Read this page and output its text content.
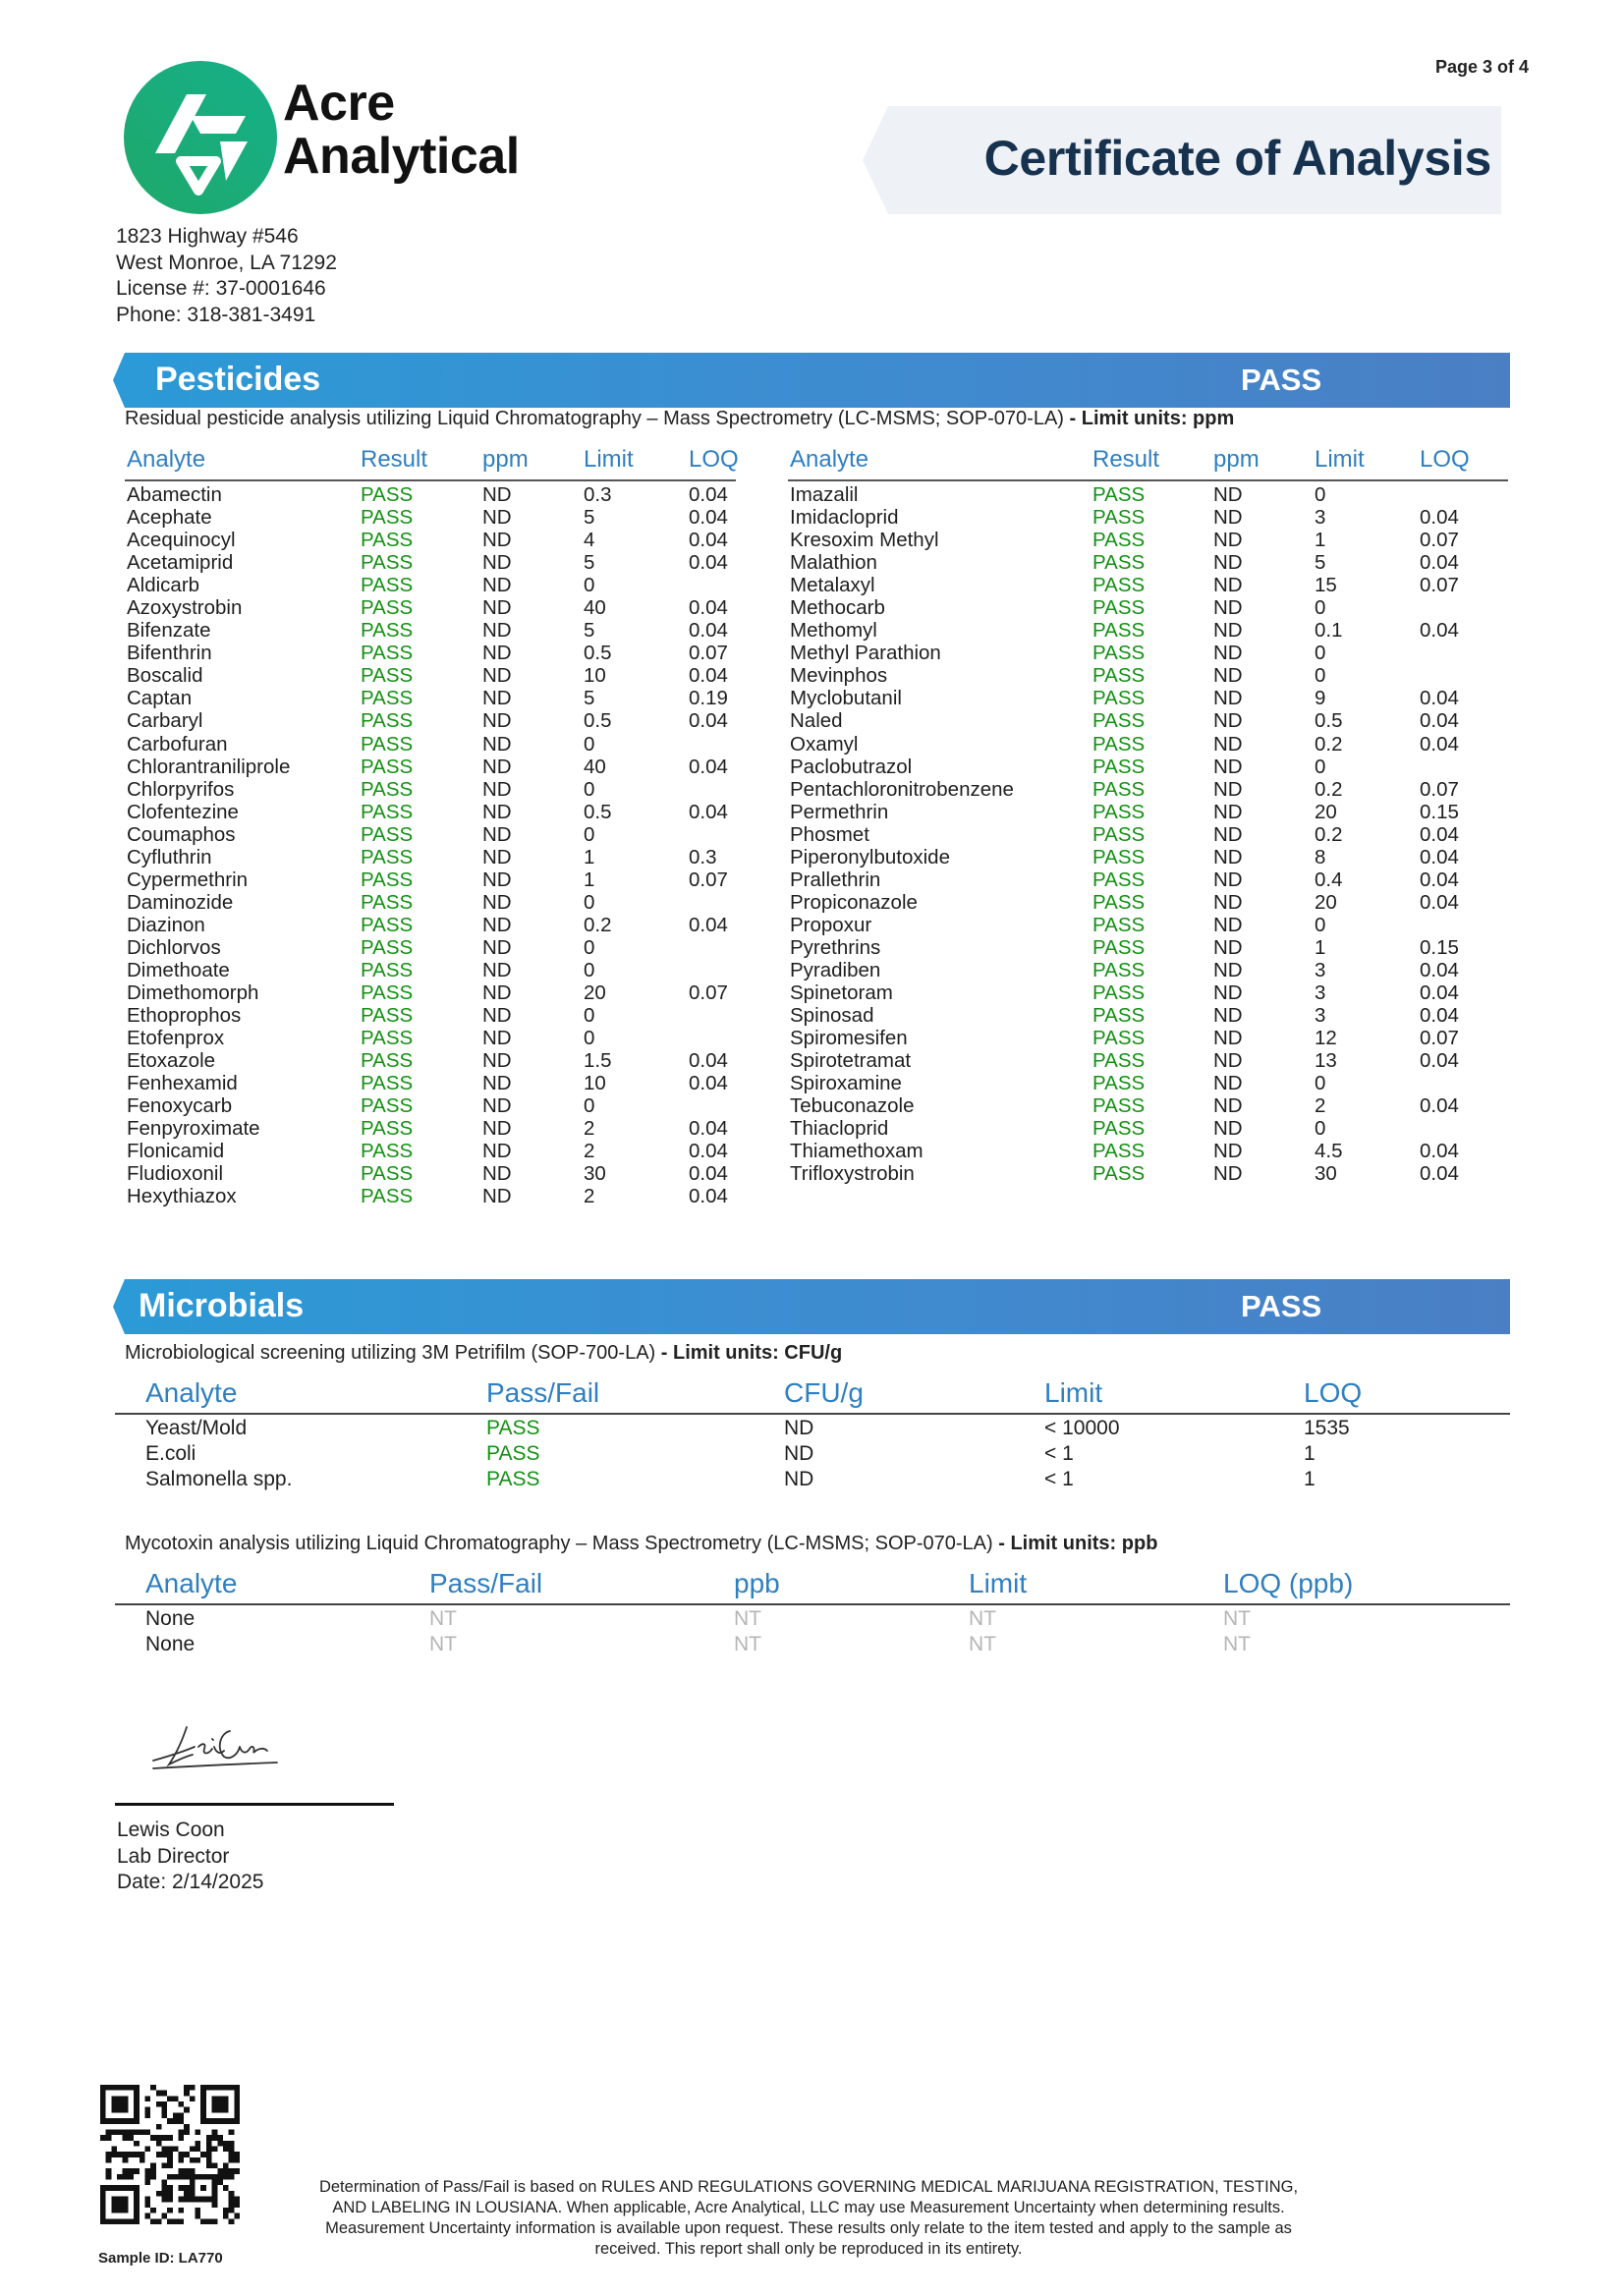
Page 3 of 4
Acre
Analytical	Certificate of Analysis
1823 Highway #546
West Monroe, LA 71292
License #: 37-0001646
Phone: 318-381-3491
Pesticides	PASS
Residual pesticide analysis utilizing Liquid Chromatography – Mass Spectrometry (LC-MSMS; SOP-070-LA) - Limit units: ppm
Analyte	Result ppm Limit LOQ
Abamectin	PASS	ND	0.3	0.04
Acephate	PASS	ND	5	0.04
Acequinocyl	PASS	ND	4	0.04
Acetamiprid	PASS	ND	5	0.04
Aldicarb	PASS	ND	0
Azoxystrobin	PASS	ND	40	0.04
Bifenzate	PASS	ND	5	0.04
Bifenthrin	PASS	ND	0.5	0.07
Boscalid	PASS	ND	10	0.04
Captan	PASS	ND	5	0.19
Carbaryl	PASS	ND	0.5	0.04
Carbofuran	PASS	ND	0
Chlorantraniliprole	PASS	ND	40	0.04
Chlorpyrifos	PASS	ND	0
Clofentezine	PASS	ND	0.5	0.04
Coumaphos	PASS	ND	0
Cyfluthrin	PASS	ND	1	0.3
Cypermethrin	PASS	ND	1	0.07
Daminozide	PASS	ND	0
Diazinon	PASS	ND	0.2	0.04
Dichlorvos	PASS	ND	0
Dimethoate	PASS	ND	0
Dimethomorph	PASS	ND	20	0.07
Ethoprophos	PASS	ND	0
Etofenprox	PASS	ND	0
Etoxazole	PASS	ND	1.5	0.04
Fenhexamid	PASS	ND	10	0.04
Fenoxycarb	PASS	ND	0
Fenpyroximate	PASS	ND	2	0.04
Flonicamid	PASS	ND	2	0.04
Fludioxonil	PASS	ND	30	0.04
Hexythiazox	PASS	ND	2	0.04
Analyte	Result ppm Limit LOQ
Imazalil	PASS	ND	0
Imidacloprid	PASS	ND	3	0.04
Kresoxim Methyl	PASS	ND	1	0.07
Malathion	PASS	ND	5	0.04
Metalaxyl	PASS	ND	15	0.07
Methocarb	PASS	ND	0
Methomyl	PASS	ND	0.1	0.04
Methyl Parathion	PASS	ND	0
Mevinphos	PASS	ND	0
Myclobutanil	PASS	ND	9	0.04
Naled	PASS	ND	0.5	0.04
Oxamyl	PASS	ND	0.2	0.04
Paclobutrazol	PASS	ND	0
Pentachloronitrobenzene	PASS	ND	0.2	0.07
Permethrin	PASS	ND	20	0.15
Phosmet	PASS	ND	0.2	0.04
Piperonylbutoxide	PASS	ND	8	0.04
Prallethrin	PASS	ND	0.4	0.04
Propiconazole	PASS	ND	20	0.04
Propoxur	PASS	ND	0
Pyrethrins	PASS	ND	1	0.15
Pyradiben	PASS	ND	3	0.04
Spinetoram	PASS	ND	3	0.04
Spinosad	PASS	ND	3	0.04
Spiromesifen	PASS	ND	12	0.07
Spirotetramat	PASS	ND	13	0.04
Spiroxamine	PASS	ND	0
Tebuconazole	PASS	ND	2	0.04
Thiacloprid	PASS	ND	0
Thiamethoxam	PASS	ND	4.5	0.04
Trifloxystrobin	PASS	ND	30	0.04
Microbials	PASS
Microbiological screening utilizing 3M Petrifilm (SOP-700-LA) - Limit units: CFU/g
Analyte	Pass/Fail	CFU/g	Limit	LOQ
Yeast/Mold	PASS	ND	< 10000	1535
E.coli	PASS	ND	< 1	1
Salmonella spp.	PASS	ND	< 1	1
Mycotoxin analysis utilizing Liquid Chromatography – Mass Spectrometry (LC-MSMS; SOP-070-LA) - Limit units: ppb
Analyte	Pass/Fail	ppb	Limit	LOQ (ppb)
None	NT	NT	NT	NT
None	NT	NT	NT	NT
Lewis Coon
Lab Director
Date: 2/14/2025
Sample ID: LA770
Determination of Pass/Fail is based on RULES AND REGULATIONS GOVERNING MEDICAL MARIJUANA REGISTRATION, TESTING, AND LABELING IN LOUSIANA. When applicable, Acre Analytical, LLC may use Measurement Uncertainty when determining results. Measurement Uncertainty information is available upon request. These results only relate to the item tested and apply to the sample as received. This report shall only be reproduced in its entirety.
